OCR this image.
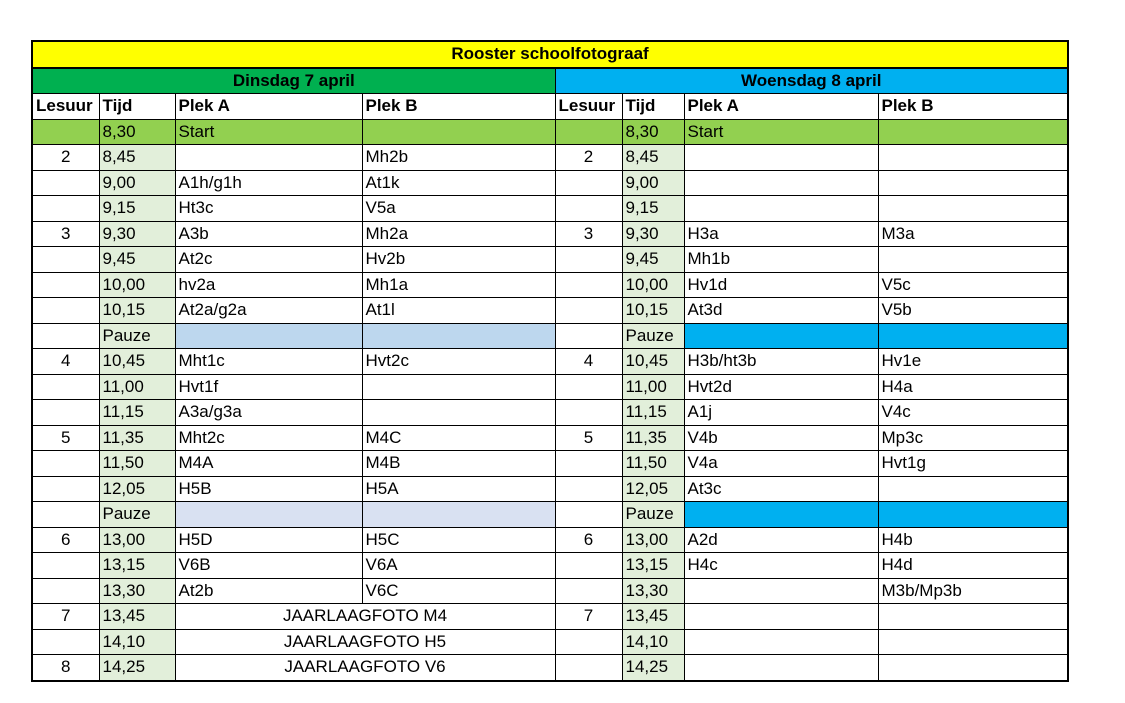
Rooster schoolfotograaf							
Dinsdag 7 april				Woensdag 8 april			
Lesuur	Tijd	Plek A	Plek B	Lesuur	Tijd	Plek A	Plek B
	8,30	Start			8,30	Start	
2	8,45		Mh2b	2	8,45		
	9,00	A1h/g1h	At1k		9,00		
	9,15	Ht3c	V5a		9,15		
3	9,30	A3b	Mh2a	3	9,30	H3a	M3a
	9,45	At2c	Hv2b		9,45	Mh1b	
	10,00	hv2a	Mh1a		10,00	Hv1d	V5c
	10,15	At2a/g2a	At1l		10,15	At3d	V5b
	Pauze				Pauze		
4	10,45	Mht1c	Hvt2c	4	10,45	H3b/ht3b	Hv1e
	11,00	Hvt1f			11,00	Hvt2d	H4a
	11,15	A3a/g3a			11,15	A1j	V4c
5	11,35	Mht2c	M4C	5	11,35	V4b	Mp3c
	11,50	M4A	M4B		11,50	V4a	Hvt1g
	12,05	H5B	H5A		12,05	At3c	
	Pauze				Pauze		
6	13,00	H5D	H5C	6	13,00	A2d	H4b
	13,15	V6B	V6A		13,15	H4c	H4d
	13,30	At2b	V6C		13,30		M3b/Mp3b
7	13,45	JAARLAAGFOTO M4		7	13,45		
	14,10	JAARLAAGFOTO H5			14,10		
8	14,25	JAARLAAGFOTO V6			14,25		
